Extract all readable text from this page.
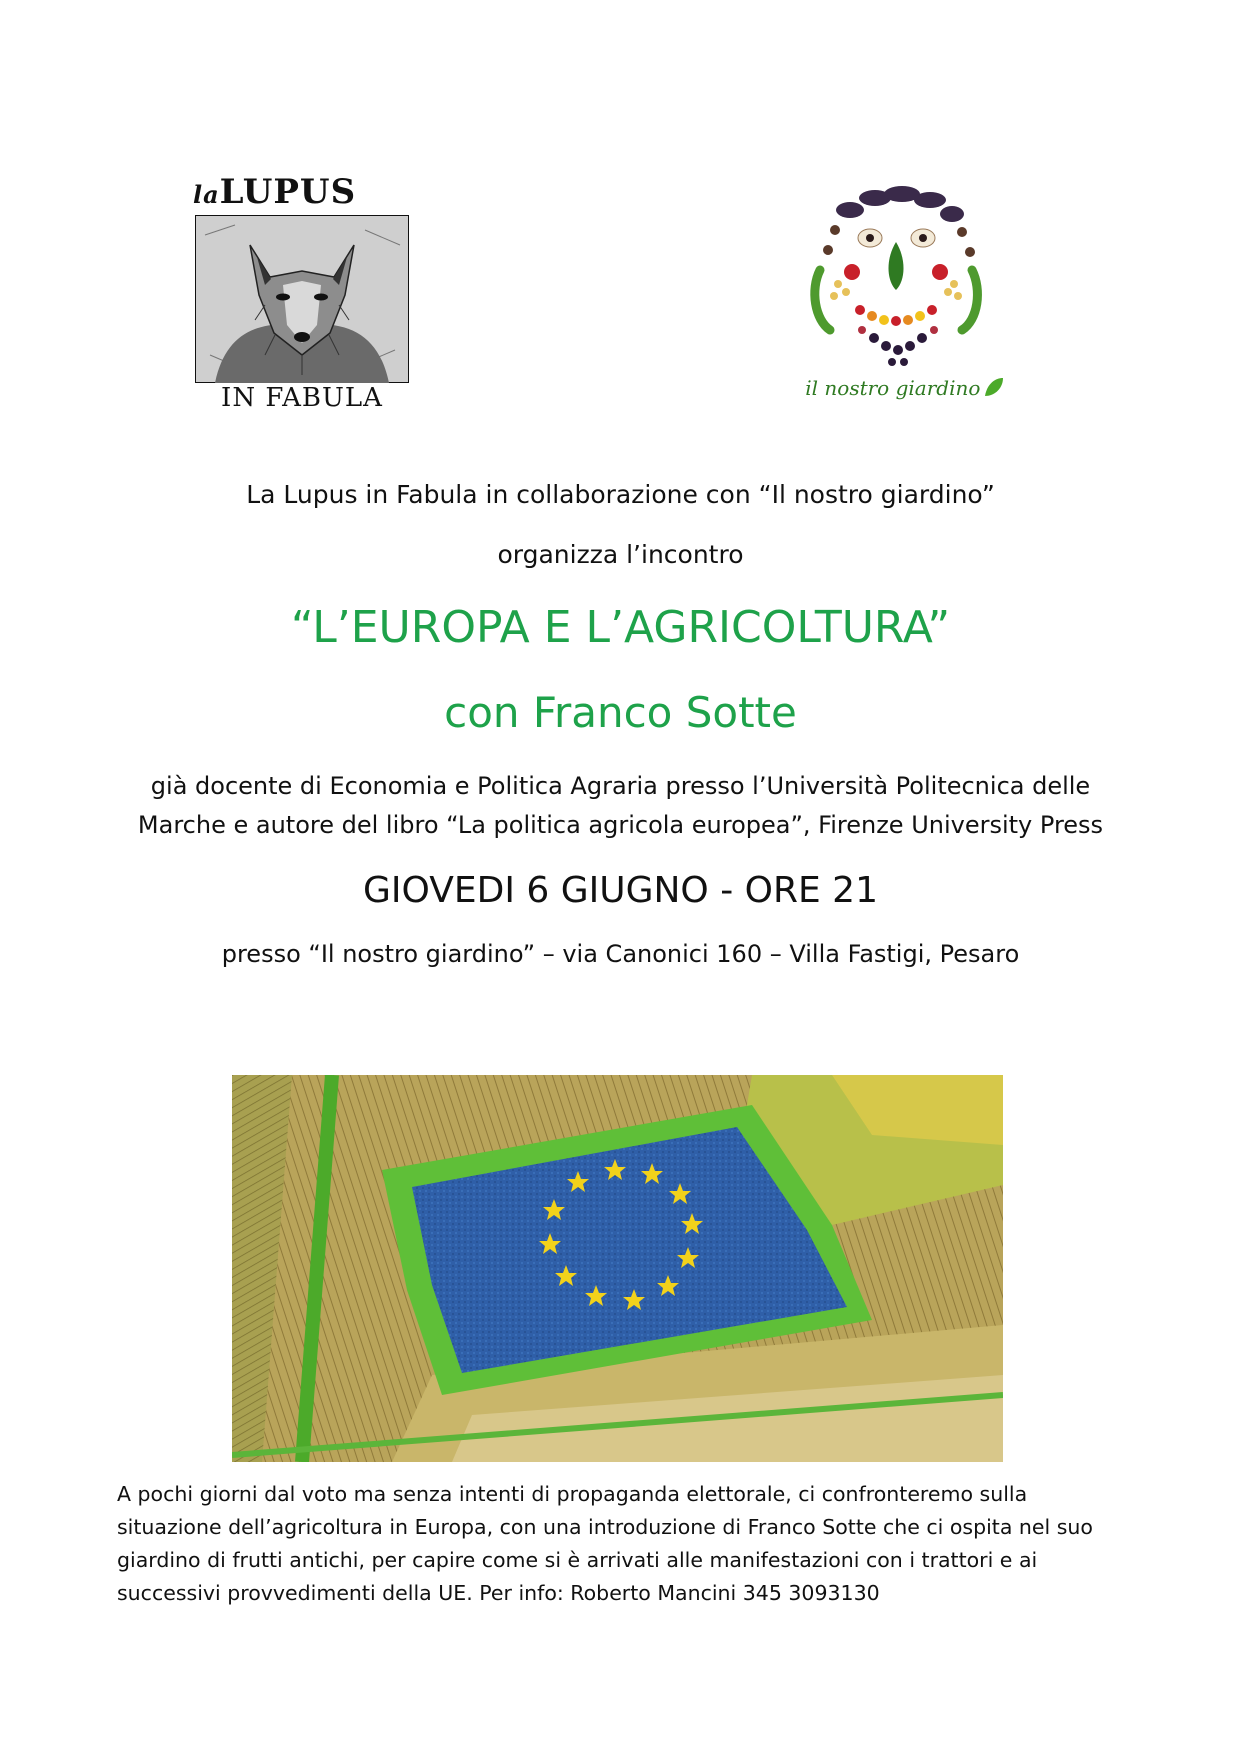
laLUPUS
IN FABULA	il nostro giardino
La Lupus in Fabula in collaborazione con “Il nostro giardino”
organizza l’incontro
“L’EUROPA E L’AGRICOLTURA”
con Franco Sotte
già docente di Economia e Politica Agraria presso l’Università Politecnica delle
Marche e autore del libro “La politica agricola europea”, Firenze University Press
GIOVEDI 6 GIUGNO - ORE 21
presso “Il nostro giardino” – via Canonici 160 – Villa Fastigi, Pesaro
A pochi giorni dal voto ma senza intenti di propaganda elettorale, ci confronteremo sulla
situazione dell’agricoltura in Europa, con una introduzione di Franco Sotte che ci ospita nel suo
giardino di frutti antichi, per capire come si è arrivati alle manifestazioni con i trattori e ai
successivi provvedimenti della UE. Per info: Roberto Mancini 345 3093130
